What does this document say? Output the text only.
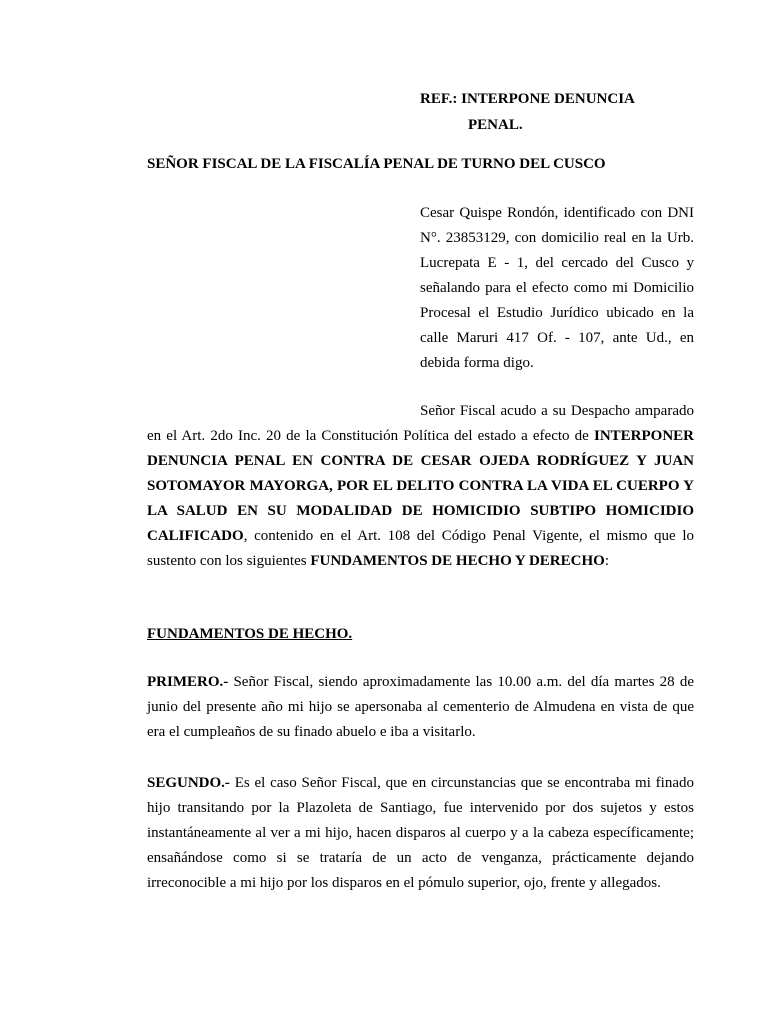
REF.: INTERPONE DENUNCIA
PENAL.
SEÑOR FISCAL DE LA FISCALÍA PENAL DE TURNO DEL CUSCO
Cesar Quispe Rondón, identificado con DNI N°. 23853129, con domicilio real en la Urb. Lucrepata E - 1, del cercado del Cusco y señalando para el efecto como mi Domicilio Procesal el Estudio Jurídico ubicado en la calle Maruri 417 Of. - 107, ante Ud., en debida forma digo.
Señor Fiscal acudo a su Despacho amparado en el Art. 2do Inc. 20 de la Constitución Política del estado a efecto de INTERPONER DENUNCIA PENAL EN CONTRA DE CESAR OJEDA RODRÍGUEZ Y JUAN SOTOMAYOR MAYORGA, POR EL DELITO CONTRA LA VIDA EL CUERPO Y LA SALUD EN SU MODALIDAD DE HOMICIDIO SUBTIPO HOMICIDIO CALIFICADO, contenido en el Art. 108 del Código Penal Vigente, el mismo que lo sustento con los siguientes FUNDAMENTOS DE HECHO Y DERECHO:
FUNDAMENTOS DE HECHO.
PRIMERO.- Señor Fiscal, siendo aproximadamente las 10.00 a.m. del día martes 28 de junio del presente año mi hijo se apersonaba al cementerio de Almudena en vista de que era el cumpleaños de su finado abuelo e iba a visitarlo.
SEGUNDO.- Es el caso Señor Fiscal, que en circunstancias que se encontraba mi finado hijo transitando por la Plazoleta de Santiago, fue intervenido por dos sujetos y estos instantáneamente al ver a mi hijo, hacen disparos al cuerpo y a la cabeza específicamente; ensañándose como si se trataría de un acto de venganza, prácticamente dejando irreconocible a mi hijo por los disparos en el pómulo superior, ojo, frente y allegados.
